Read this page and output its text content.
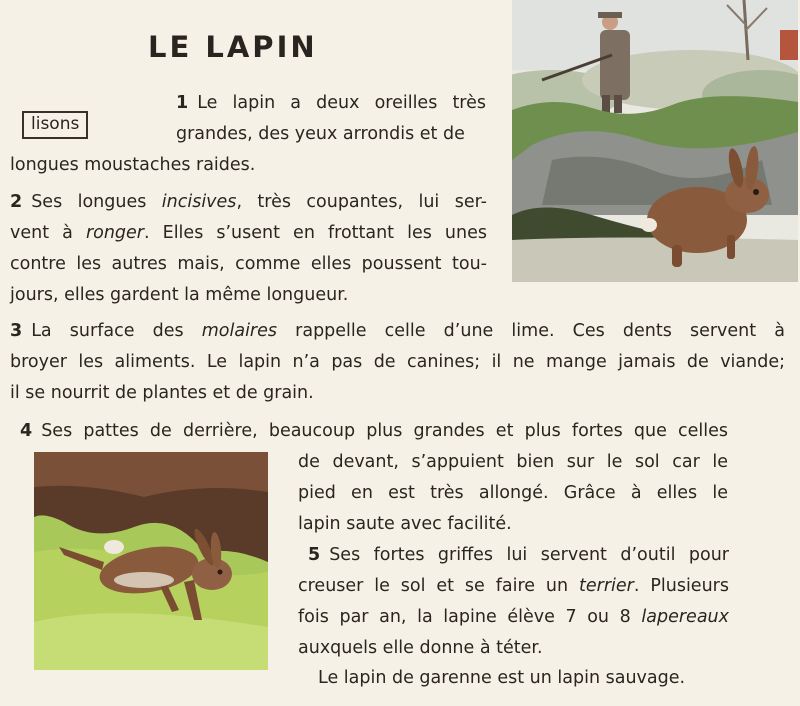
LE LAPIN
lisons
1 Le lapin a deux oreilles très
grandes, des yeux arrondis et de
longues moustaches raides.
2 Ses longues incisives, très coupantes, lui ser-
vent à ronger. Elles s’usent en frottant les unes
contre les autres mais, comme elles poussent tou-
jours, elles gardent la même longueur.
3 La surface des molaires rappelle celle d’une lime. Ces dents servent à
broyer les aliments. Le lapin n’a pas de canines; il ne mange jamais de viande;
il se nourrit de plantes et de grain.
4 Ses pattes de derrière, beaucoup plus grandes et plus fortes que celles
de devant, s’appuient bien sur le sol car le
pied en est très allongé. Grâce à elles le
lapin saute avec facilité.
5 Ses fortes griffes lui servent d’outil pour
creuser le sol et se faire un terrier. Plusieurs
fois par an, la lapine élève 7 ou 8 lapereaux
auxquels elle donne à téter.
Le lapin de garenne est un lapin sauvage.
